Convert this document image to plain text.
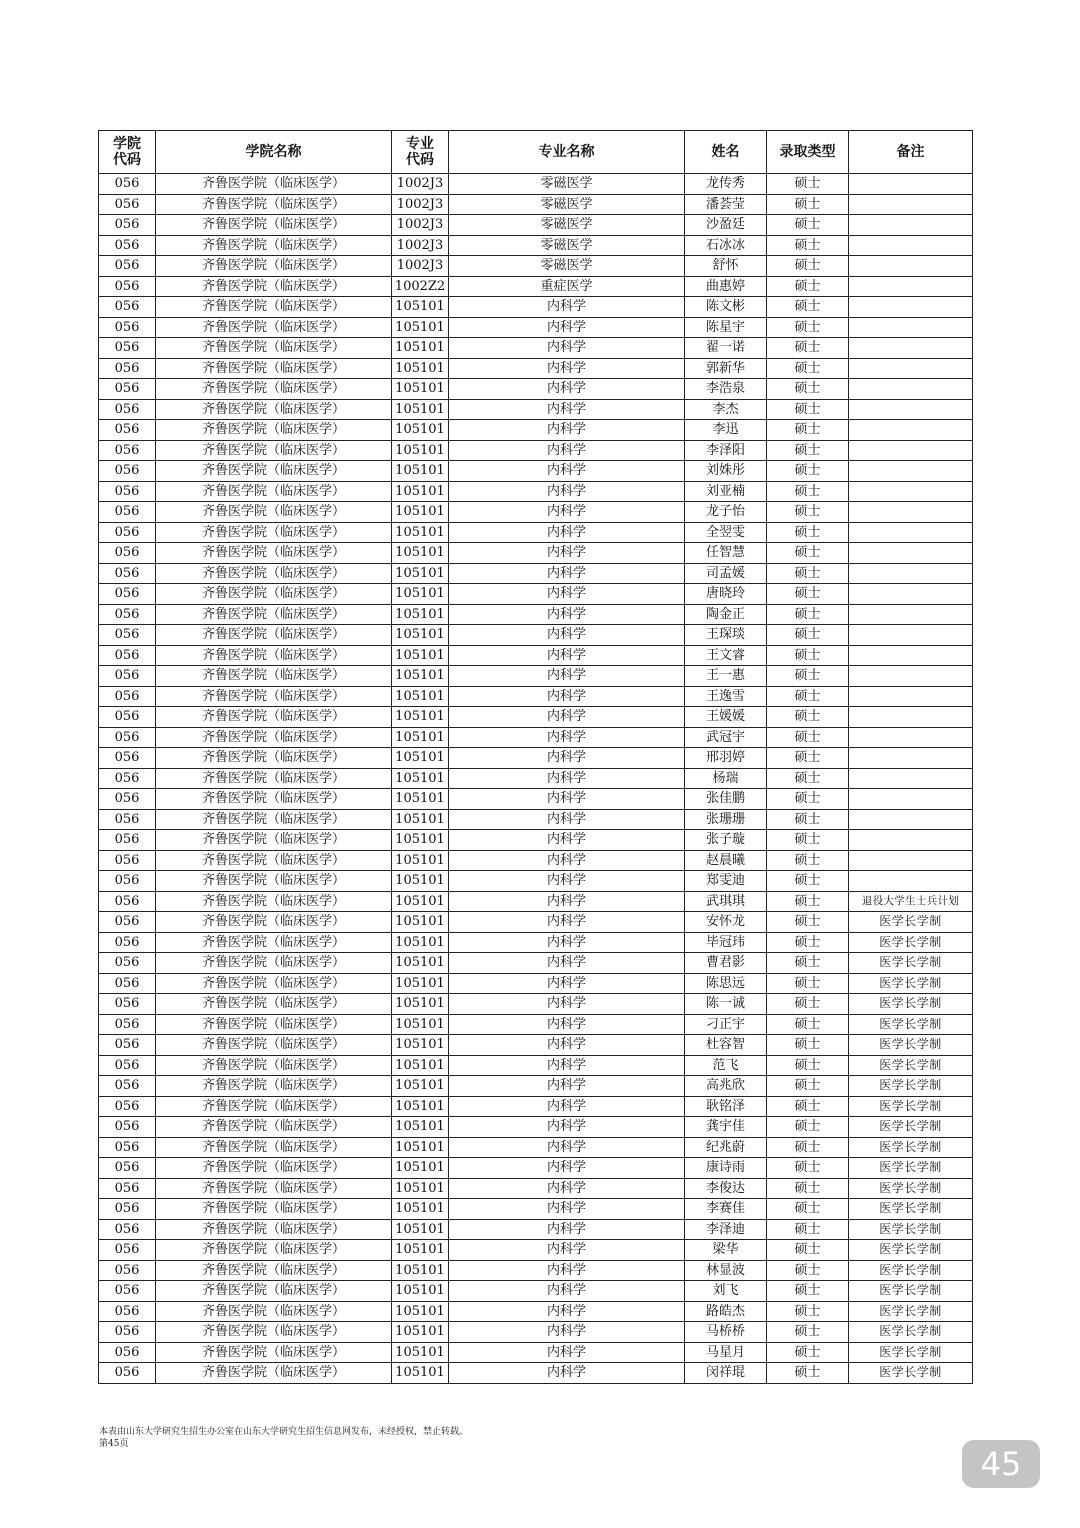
学院代码	学院名称	专业代码	专业名称	姓名	录取类型	备注
056	齐鲁医学院（临床医学）	1002J3	零磁医学	龙传秀	硕士	
056	齐鲁医学院（临床医学）	1002J3	零磁医学	潘荟莹	硕士	
056	齐鲁医学院（临床医学）	1002J3	零磁医学	沙盈廷	硕士	
056	齐鲁医学院（临床医学）	1002J3	零磁医学	石冰冰	硕士	
056	齐鲁医学院（临床医学）	1002J3	零磁医学	舒怀	硕士	
056	齐鲁医学院（临床医学）	1002Z2	重症医学	曲惠婷	硕士	
056	齐鲁医学院（临床医学）	105101	内科学	陈文彬	硕士	
056	齐鲁医学院（临床医学）	105101	内科学	陈星宇	硕士	
056	齐鲁医学院（临床医学）	105101	内科学	翟一诺	硕士	
056	齐鲁医学院（临床医学）	105101	内科学	郭新华	硕士	
056	齐鲁医学院（临床医学）	105101	内科学	李浩泉	硕士	
056	齐鲁医学院（临床医学）	105101	内科学	李杰	硕士	
056	齐鲁医学院（临床医学）	105101	内科学	李迅	硕士	
056	齐鲁医学院（临床医学）	105101	内科学	李泽阳	硕士	
056	齐鲁医学院（临床医学）	105101	内科学	刘姝彤	硕士	
056	齐鲁医学院（临床医学）	105101	内科学	刘亚楠	硕士	
056	齐鲁医学院（临床医学）	105101	内科学	龙子怡	硕士	
056	齐鲁医学院（临床医学）	105101	内科学	全翌雯	硕士	
056	齐鲁医学院（临床医学）	105101	内科学	任智慧	硕士	
056	齐鲁医学院（临床医学）	105101	内科学	司孟媛	硕士	
056	齐鲁医学院（临床医学）	105101	内科学	唐晓玲	硕士	
056	齐鲁医学院（临床医学）	105101	内科学	陶金正	硕士	
056	齐鲁医学院（临床医学）	105101	内科学	王琛琰	硕士	
056	齐鲁医学院（临床医学）	105101	内科学	王文睿	硕士	
056	齐鲁医学院（临床医学）	105101	内科学	王一惠	硕士	
056	齐鲁医学院（临床医学）	105101	内科学	王逸雪	硕士	
056	齐鲁医学院（临床医学）	105101	内科学	王媛媛	硕士	
056	齐鲁医学院（临床医学）	105101	内科学	武冠宇	硕士	
056	齐鲁医学院（临床医学）	105101	内科学	邢羽婷	硕士	
056	齐鲁医学院（临床医学）	105101	内科学	杨瑞	硕士	
056	齐鲁医学院（临床医学）	105101	内科学	张佳鹏	硕士	
056	齐鲁医学院（临床医学）	105101	内科学	张珊珊	硕士	
056	齐鲁医学院（临床医学）	105101	内科学	张子璇	硕士	
056	齐鲁医学院（临床医学）	105101	内科学	赵晨曦	硕士	
056	齐鲁医学院（临床医学）	105101	内科学	郑雯迪	硕士	
056	齐鲁医学院（临床医学）	105101	内科学	武琪琪	硕士	退役大学生士兵计划
056	齐鲁医学院（临床医学）	105101	内科学	安怀龙	硕士	医学长学制
056	齐鲁医学院（临床医学）	105101	内科学	毕冠玮	硕士	医学长学制
056	齐鲁医学院（临床医学）	105101	内科学	曹君影	硕士	医学长学制
056	齐鲁医学院（临床医学）	105101	内科学	陈思远	硕士	医学长学制
056	齐鲁医学院（临床医学）	105101	内科学	陈一诚	硕士	医学长学制
056	齐鲁医学院（临床医学）	105101	内科学	刁正宇	硕士	医学长学制
056	齐鲁医学院（临床医学）	105101	内科学	杜容智	硕士	医学长学制
056	齐鲁医学院（临床医学）	105101	内科学	范飞	硕士	医学长学制
056	齐鲁医学院（临床医学）	105101	内科学	高兆欣	硕士	医学长学制
056	齐鲁医学院（临床医学）	105101	内科学	耿铭泽	硕士	医学长学制
056	齐鲁医学院（临床医学）	105101	内科学	龚宇佳	硕士	医学长学制
056	齐鲁医学院（临床医学）	105101	内科学	纪兆蔚	硕士	医学长学制
056	齐鲁医学院（临床医学）	105101	内科学	康诗雨	硕士	医学长学制
056	齐鲁医学院（临床医学）	105101	内科学	李俊达	硕士	医学长学制
056	齐鲁医学院（临床医学）	105101	内科学	李赛佳	硕士	医学长学制
056	齐鲁医学院（临床医学）	105101	内科学	李泽迪	硕士	医学长学制
056	齐鲁医学院（临床医学）	105101	内科学	梁华	硕士	医学长学制
056	齐鲁医学院（临床医学）	105101	内科学	林显波	硕士	医学长学制
056	齐鲁医学院（临床医学）	105101	内科学	刘飞	硕士	医学长学制
056	齐鲁医学院（临床医学）	105101	内科学	路皓杰	硕士	医学长学制
056	齐鲁医学院（临床医学）	105101	内科学	马桥桥	硕士	医学长学制
056	齐鲁医学院（临床医学）	105101	内科学	马星月	硕士	医学长学制
056	齐鲁医学院（临床医学）	105101	内科学	闵祥琨	硕士	医学长学制
本表由山东大学研究生招生办公室在山东大学研究生招生信息网发布，未经授权，禁止转载。
第45页
45
